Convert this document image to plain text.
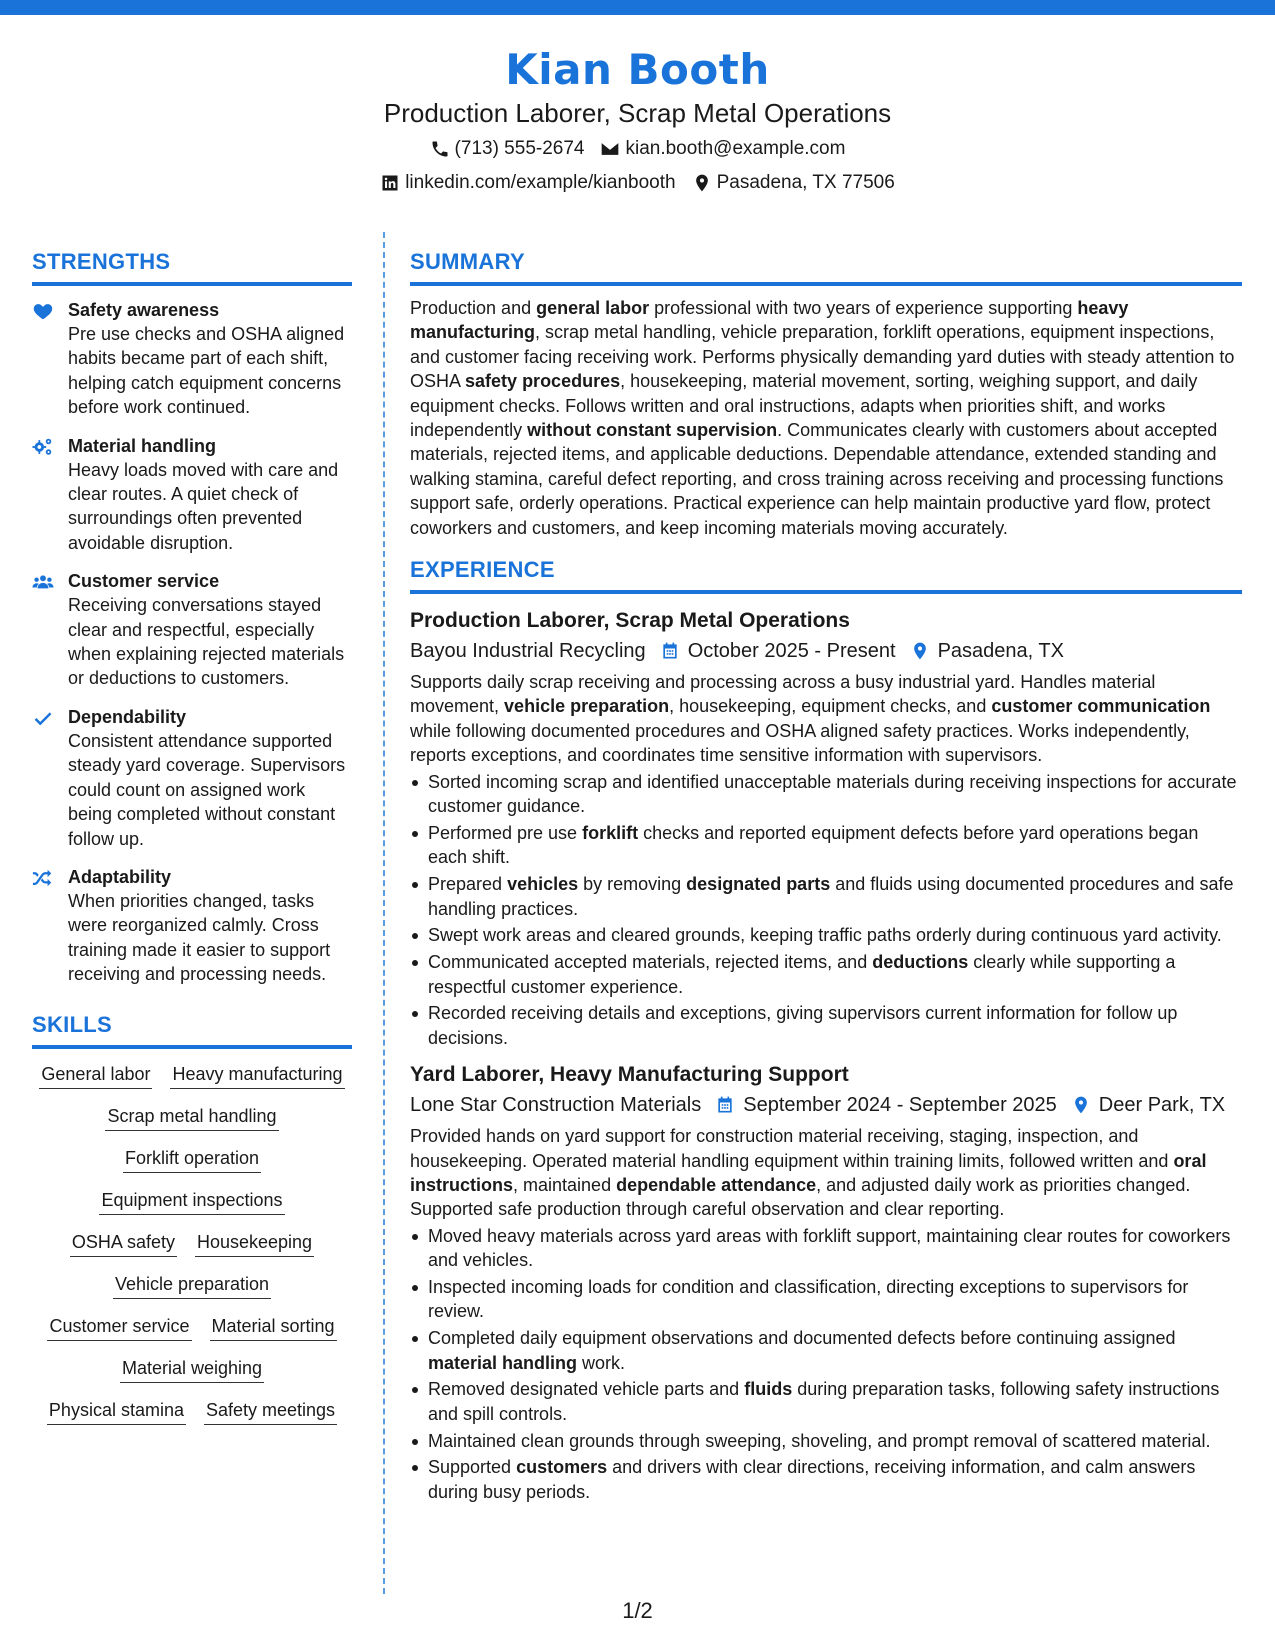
Kian Booth
Production Laborer, Scrap Metal Operations
(713) 555-2674 kian.booth@example.com
linkedin.com/example/kianbooth Pasadena, TX 77506
STRENGTHS
Safety awareness

Pre use checks and OSHA aligned habits became part of each shift, helping catch equipment concerns before work continued.

Material handling

Heavy loads moved with care and clear routes. A quiet check of surroundings often prevented avoidable disruption.

Customer service

Receiving conversations stayed clear and respectful, especially when explaining rejected materials or deductions to customers.

Dependability

Consistent attendance supported steady yard coverage. Supervisors could count on assigned work being completed without constant follow up.

Adaptability

When priorities changed, tasks were reorganized calmly. Cross training made it easier to support receiving and processing needs.

SKILLS
General labor Heavy manufacturing
Scrap metal handling
Forklift operation
Equipment inspections
OSHA safety Housekeeping
Vehicle preparation
Customer service Material sorting
Material weighing
Physical stamina Safety meetings
SUMMARY

Production and general labor professional with two years of experience supporting heavy manufacturing, scrap metal handling, vehicle preparation, forklift operations, equipment inspections, and customer facing receiving work. Performs physically demanding yard duties with steady attention to OSHA safety procedures, housekeeping, material movement, sorting, weighing support, and daily equipment checks. Follows written and oral instructions, adapts when priorities shift, and works independently without constant supervision. Communicates clearly with customers about accepted materials, rejected items, and applicable deductions. Dependable attendance, extended standing and walking stamina, careful defect reporting, and cross training across receiving and processing functions support safe, orderly operations. Practical experience can help maintain productive yard flow, protect coworkers and customers, and keep incoming materials moving accurately.

EXPERIENCE
Production Laborer, Scrap Metal Operations
Bayou Industrial Recycling October 2025 - Present Pasadena, TX

Supports daily scrap receiving and processing across a busy industrial yard. Handles material movement, vehicle preparation, housekeeping, equipment checks, and customer communication while following documented procedures and OSHA aligned safety practices. Works independently, reports exceptions, and coordinates time sensitive information with supervisors.

Sorted incoming scrap and identified unacceptable materials during receiving inspections for accurate customer guidance.
Performed pre use forklift checks and reported equipment defects before yard operations began each shift.
Prepared vehicles by removing designated parts and fluids using documented procedures and safe handling practices.
Swept work areas and cleared grounds, keeping traffic paths orderly during continuous yard activity.
Communicated accepted materials, rejected items, and deductions clearly while supporting a respectful customer experience.
Recorded receiving details and exceptions, giving supervisors current information for follow up decisions.
Yard Laborer, Heavy Manufacturing Support
Lone Star Construction Materials September 2024 - September 2025 Deer Park, TX

Provided hands on yard support for construction material receiving, staging, inspection, and housekeeping. Operated material handling equipment within training limits, followed written and oral instructions, maintained dependable attendance, and adjusted daily work as priorities changed. Supported safe production through careful observation and clear reporting.

Moved heavy materials across yard areas with forklift support, maintaining clear routes for coworkers and vehicles.
Inspected incoming loads for condition and classification, directing exceptions to supervisors for review.
Completed daily equipment observations and documented defects before continuing assigned material handling work.
Removed designated vehicle parts and fluids during preparation tasks, following safety instructions and spill controls.
Maintained clean grounds through sweeping, shoveling, and prompt removal of scattered material.
Supported customers and drivers with clear directions, receiving information, and calm answers during busy periods.
1/2
